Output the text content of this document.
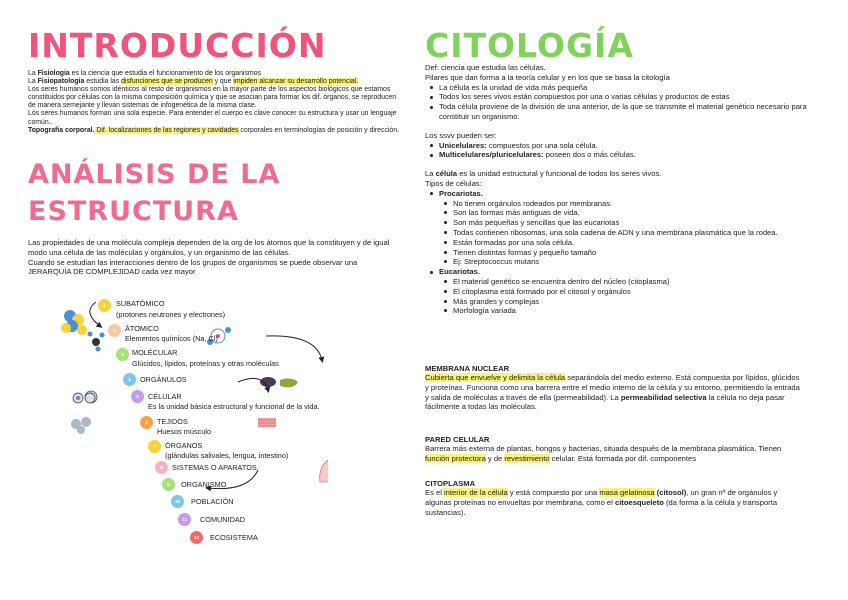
INTRODUCCIÓN

La Fisiologia es la ciencia que estudia el funcionamiento de los organismos

La Fisiopatologia estudia las disfunciones que se producen y que impiden alcanzar su desarrollo potencial.

Los seres humanos somos idénticos al resto de organismos en la mayor parte de los aspectos biológicos que estamos constituidos por células con la misma composición química y que se asocian para formar los dif. órganos, se reproducen de manera semejante y llevan sistemas de infogenética de la misma clase.

Los seres humanos forman una sola especie. Para entender el cuerpo es clave conocer su estructura y usar un lenguaje común..

Topografia corporal. Dif. localizaciones de las regiones y cavidades corporales en terminologías de posición y dirección.

ANÁLISIS DE LA
ESTRUCTURA

Las propiedades de una molécula compleja dependen de la org de los átomos que la constituyen y de igual modo una célula de las moléculas y orgánulos, y un organismo de las células.

Cuando se estudian las interacciones dentro de los grupos de organismos se puede observar una JERARQUÍA DE COMPLEJIDAD cada vez mayor

1	SUBATÓMICO
(protones neutrones y electrones)
2	ÁTOMICO
Elementos químicos (Na, Cl)
3	MOLÉCULAR
Glúcidos, lípidos, proteínas y otras moléculas
4	ORGÁNULOS
5	CÉLULAR
Es la unidad básica estructural y funcional de la vida.
6	TEJIDOS
Huesos músculo
7	ÓRGANOS
(glándulas salivales, lengua, intestino)
8	SISTEMAS O APARATOS
9	ORGANISMO
10	POBLACIÓN
11	COMUNIDAD
12	ECOSISTEMA
CITOLOGÍA

Def: ciencia que estudia las células.

Pilares que dan forma a la teoría celular y en los que se basa la citología

La célula es la unidad de vida más pequeña
Todos los seres vivos están compuestos por una o varias células y productos de estas
Toda célula proviene de la división de una anterior, de la que se transmite el material genético necesario para constituir un organismo.

Los ssvv pueden ser:

Unicelulares: compuestos por una sola célula.
Multicelulares/pluricelulares: poseen dos o más células.

La célula es la unidad estructural y funcional de todos los seres vivos.

Tipos de células:

Procariotas.
No tienen orgánulos rodeados por membranas.
Son las formas más antiguas de vida.
Son más pequeñas y sencillas que las eucariotas
Todas contienen ribosomas, una sola cadena de ADN y una membrana plasmática que la rodea.
Están formadas por una sola célula.
Tienen distintas formas y pequeño tamaño
Ej: Streptococcus mutans
Eucariotas.
El material genético se encuentra dentro del núcleo (citoplasma)
El citoplasma está formado por el citosol y orgánulos
Más grandes y complejas
Morfología variada

MEMBRANA NUCLEAR

Cubierta que envuelve y delimita la célula separándola del medio externo. Está compuesta por lípidos, glúcidos y proteínas. Funciona como una barrera entre el medio interno de la célula y su entorno, permitiendo la entrada y salida de moléculas a través de ella (permeabilidad). La permeabilidad selectiva la célula no deja pasar fácilmente a todas las moléculas.

PARED CELULAR

Barrera más externa de plantas, hongos y bacterias, situada después de la membrana plasmática. Tienen función protectora y de revestimiento celular. Está formada por dif. componentes

CITOPLASMA

Es el interior de la célula y está compuesto por una masa gelatinosa (citosol), un gran nº de orgánulos y algunas proteínas no envueltas por membrana, como el citoesqueleto (da forma a la célula y transporta sustancias).
